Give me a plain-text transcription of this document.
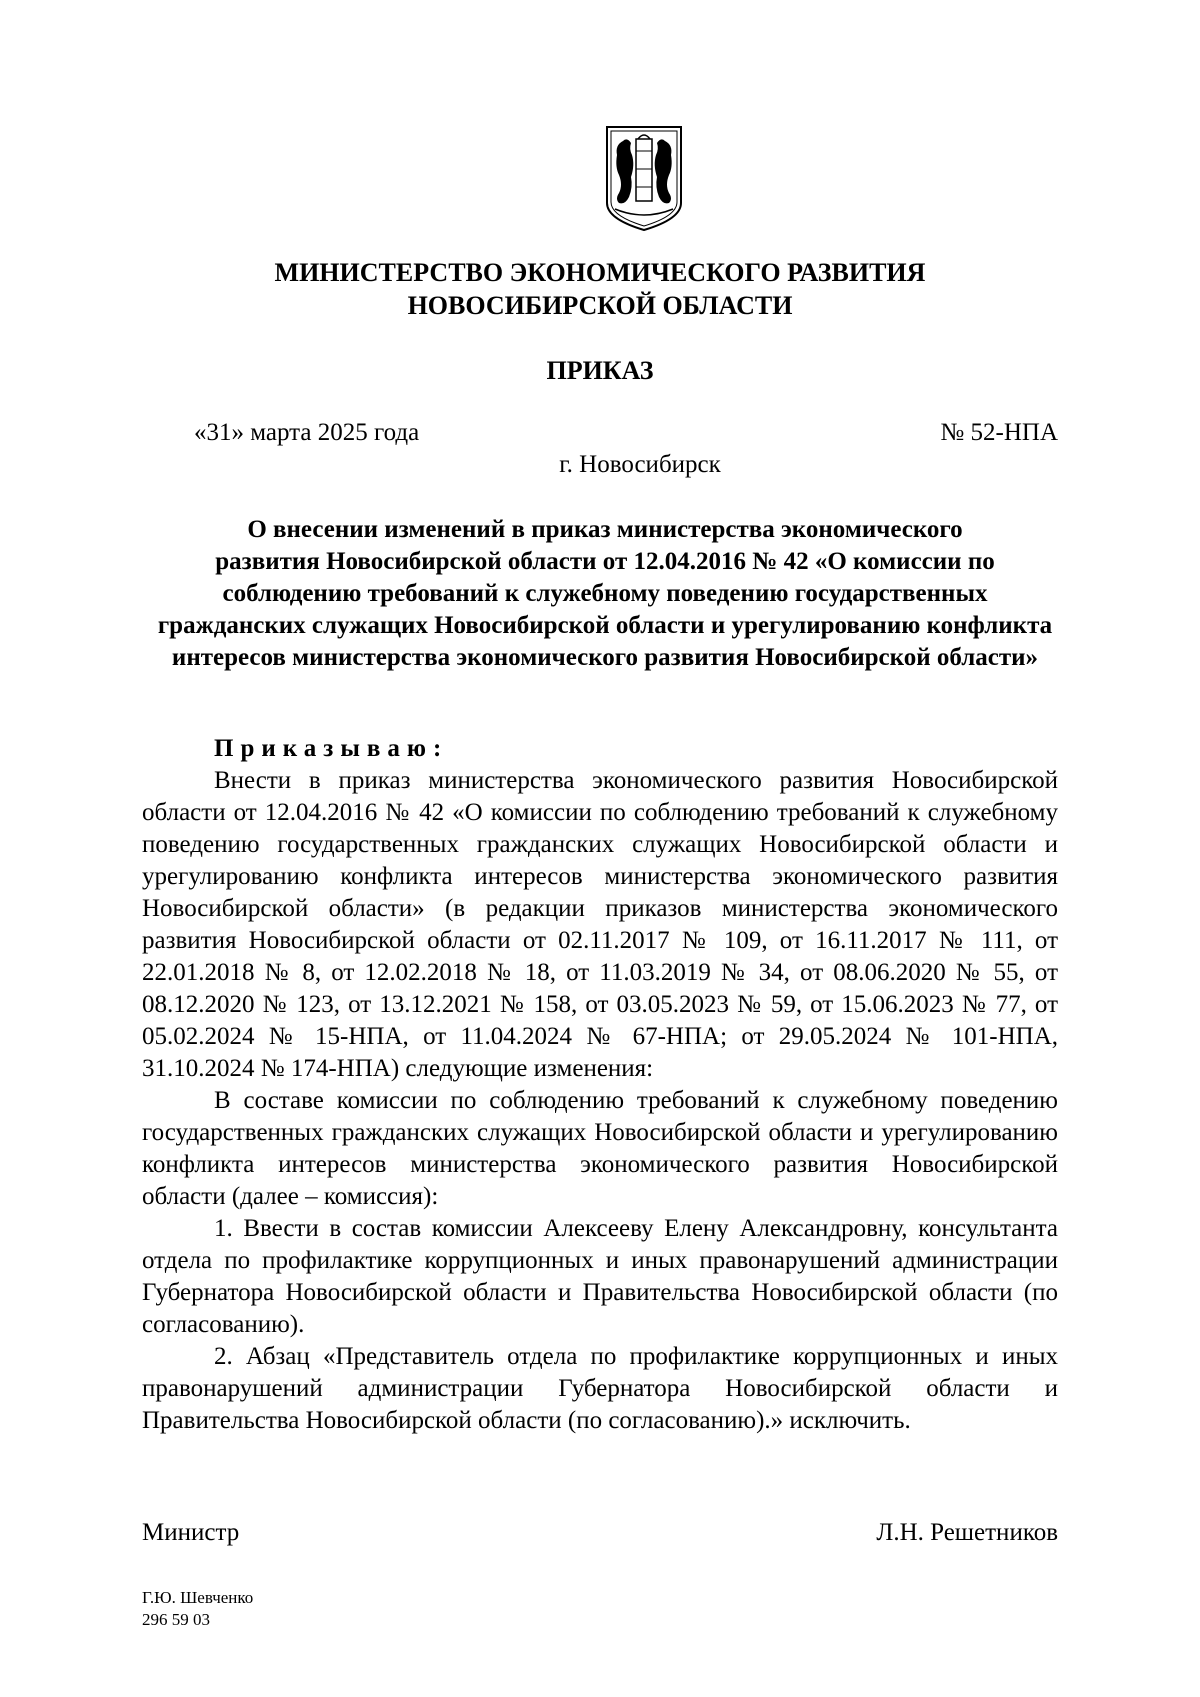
МИНИСТЕРСТВО ЭКОНОМИЧЕСКОГО РАЗВИТИЯ
НОВОСИБИРСКОЙ ОБЛАСТИ
ПРИКАЗ
«31» марта 2025 года	№ 52-НПА
г. Новосибирск
О внесении изменений в приказ министерства экономического
развития Новосибирской области от 12.04.2016 № 42 «О комиссии по
соблюдению требований к служебному поведению государственных
гражданских служащих Новосибирской области и урегулированию конфликта
интересов министерства экономического развития Новосибирской области»
Приказываю:
Внести в приказ министерства экономического развития Новосибирской
области от 12.04.2016 № 42 «О комиссии по соблюдению требований к служебному
поведению государственных гражданских служащих Новосибирской области и
урегулированию конфликта интересов министерства экономического развития
Новосибирской области» (в редакции приказов министерства экономического
развития Новосибирской области от 02.11.2017 № 109, от 16.11.2017 № 111, от
22.01.2018 № 8, от 12.02.2018 № 18, от 11.03.2019 № 34, от 08.06.2020 № 55, от
08.12.2020 № 123, от 13.12.2021 № 158, от 03.05.2023 № 59, от 15.06.2023 № 77, от
05.02.2024 № 15-НПА, от 11.04.2024 № 67-НПА; от 29.05.2024 № 101-НПА,
31.10.2024 № 174-НПА) следующие изменения:
В составе комиссии по соблюдению требований к служебному поведению
государственных гражданских служащих Новосибирской области и урегулированию
конфликта интересов министерства экономического развития Новосибирской
области (далее – комиссия):
1. Ввести в состав комиссии Алексееву Елену Александровну, консультанта
отдела по профилактике коррупционных и иных правонарушений администрации
Губернатора Новосибирской области и Правительства Новосибирской области (по
согласованию).
2. Абзац «Представитель отдела по профилактике коррупционных и иных
правонарушений администрации Губернатора Новосибирской области и
Правительства Новосибирской области (по согласованию).» исключить.
Министр	Л.Н. Решетников
Г.Ю. Шевченко
296 59 03
